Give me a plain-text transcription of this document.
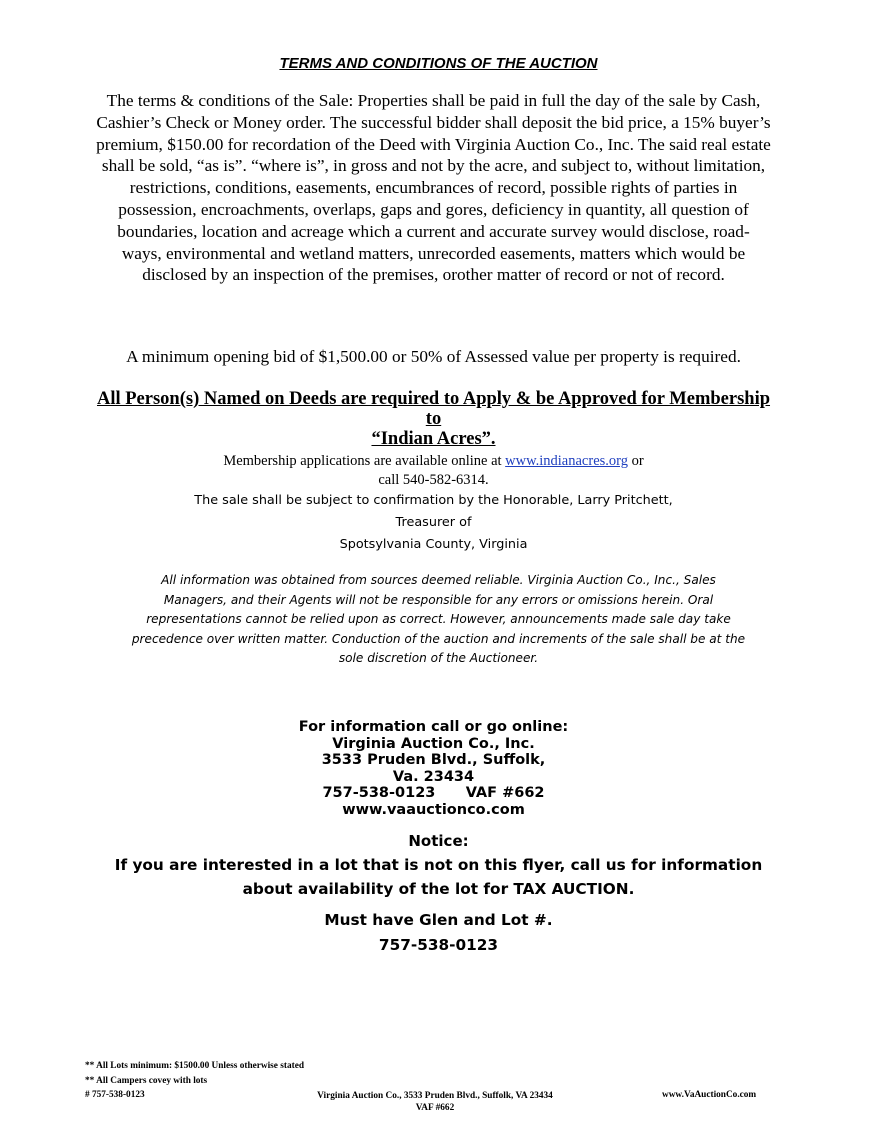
TERMS AND CONDITIONS OF THE AUCTION

The terms & conditions of the Sale: Properties shall be paid in full the day of the sale by Cash, Cashier’s Check or Money order. The successful bidder shall deposit the bid price, a 15% buyer’s premium, $150.00 for recordation of the Deed with Virginia Auction Co., Inc. The said real estate shall be sold, “as is”. “where is”, in gross and not by the acre, and subject to, without limitation, restrictions, conditions, easements, encumbrances of record, possible rights of parties in possession, encroachments, overlaps, gaps and gores, deficiency in quantity, all question of boundaries, location and acreage which a current and accurate survey would disclose, road- ways, environmental and wetland matters, unrecorded easements, matters which would be disclosed by an inspection of the premises, orother matter of record or not of record.

A minimum opening bid of $1,500.00 or 50% of Assessed value per property is required.

All Person(s) Named on Deeds are required to Apply & be Approved for Membership to
“Indian Acres”.

Membership applications are available online at www.indianacres.org or
call 540-582-6314.

The sale shall be subject to confirmation by the Honorable, Larry Pritchett,
Treasurer of
Spotsylvania County, Virginia

All information was obtained from sources deemed reliable. Virginia Auction Co., Inc., Sales Managers, and their Agents will not be responsible for any errors or omissions herein. Oral representations cannot be relied upon as correct. However, announcements made sale day take precedence over written matter. Conduction of the auction and increments of the sale shall be at the sole discretion of the Auctioneer.

For information call or go online:
Virginia Auction Co., Inc.
3533 Pruden Blvd., Suffolk,
Va. 23434
757-538-0123 VAF #662
www.vaauctionco.com
Notice:

If you are interested in a lot that is not on this flyer, call us for information about availability of the lot for TAX AUCTION.

Must have Glen and Lot #.
757-538-0123
** All Lots minimum: $1500.00 Unless otherwise stated
** All Campers covey with lots
# 757-538-0123	Virginia Auction Co., 3533 Pruden Blvd., Suffolk, VA 23434
VAF #662
www.VaAuctionCo.com
